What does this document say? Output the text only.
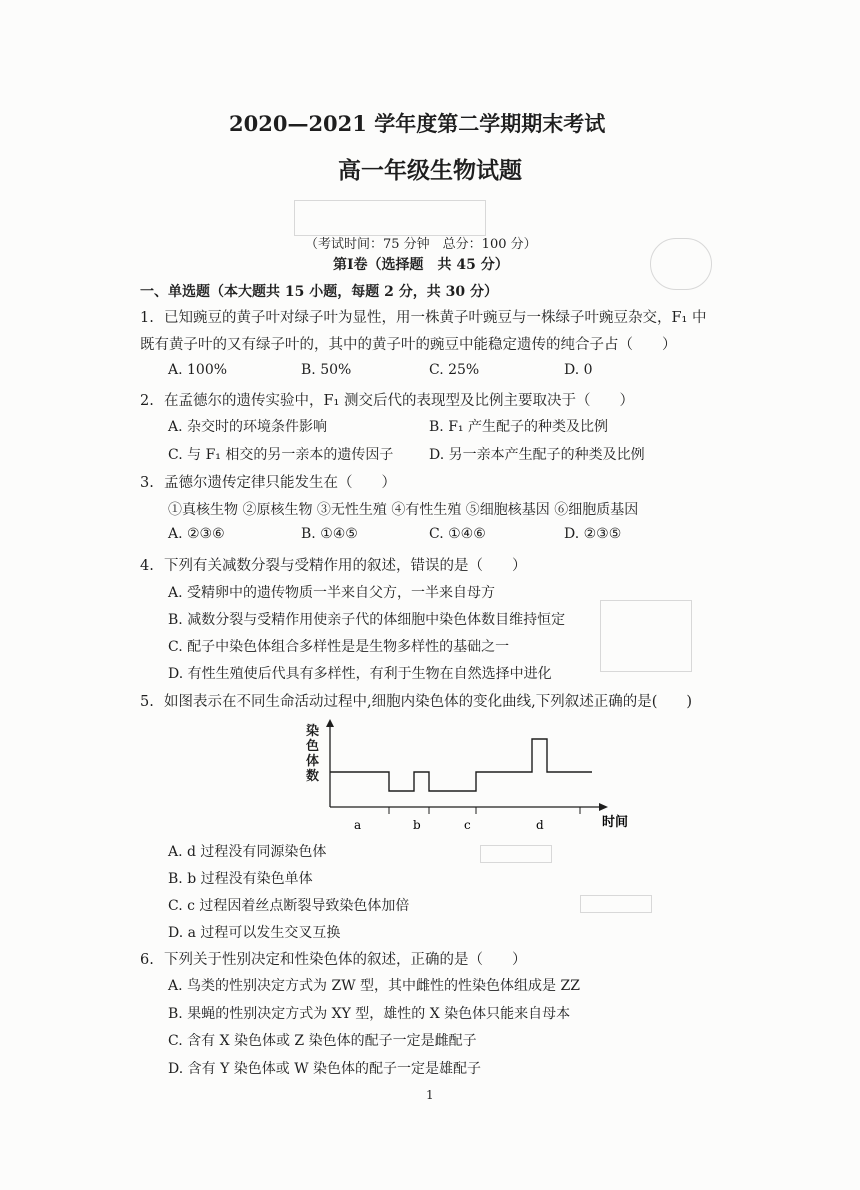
2020—2021 学年度第二学期期末考试
高一年级生物试题
（考试时间：75 分钟　总分：100 分）
第Ⅰ卷（选择题　共 45 分）
一、单选题（本大题共 15 小题，每题 2 分，共 30 分）
1. 已知豌豆的黄子叶对绿子叶为显性，用一株黄子叶豌豆与一株绿子叶豌豆杂交，F₁ 中
既有黄子叶的又有绿子叶的，其中的黄子叶的豌豆中能稳定遗传的纯合子占（　　）
A. 100%	B. 50%	C. 25%	D. 0
2. 在孟德尔的遗传实验中，F₁ 测交后代的表现型及比例主要取决于（　　）
A. 杂交时的环境条件影响	B. F₁ 产生配子的种类及比例
C. 与 F₁ 相交的另一亲本的遗传因子	D. 另一亲本产生配子的种类及比例
3. 孟德尔遗传定律只能发生在（　　）
①真核生物 ②原核生物 ③无性生殖 ④有性生殖 ⑤细胞核基因 ⑥细胞质基因
A. ②③⑥	B. ①④⑤	C. ①④⑥	D. ②③⑤
4. 下列有关减数分裂与受精作用的叙述，错误的是（　　）
A. 受精卵中的遗传物质一半来自父方，一半来自母方
B. 减数分裂与受精作用使亲子代的体细胞中染色体数目维持恒定
C. 配子中染色体组合多样性是是生物多样性的基础之一
D. 有性生殖使后代具有多样性，有利于生物在自然选择中进化
5. 如图表示在不同生命活动过程中,细胞内染色体的变化曲线,下列叙述正确的是(　　)
染
色
体
数
时间
a	b	c	d
A. d 过程没有同源染色体
B. b 过程没有染色单体
C. c 过程因着丝点断裂导致染色体加倍
D. a 过程可以发生交叉互换
6. 下列关于性别决定和性染色体的叙述，正确的是（　　）
A. 鸟类的性别决定方式为 ZW 型，其中雌性的性染色体组成是 ZZ
B. 果蝇的性别决定方式为 XY 型，雄性的 X 染色体只能来自母本
C. 含有 X 染色体或 Z 染色体的配子一定是雌配子
D. 含有 Y 染色体或 W 染色体的配子一定是雄配子
1
